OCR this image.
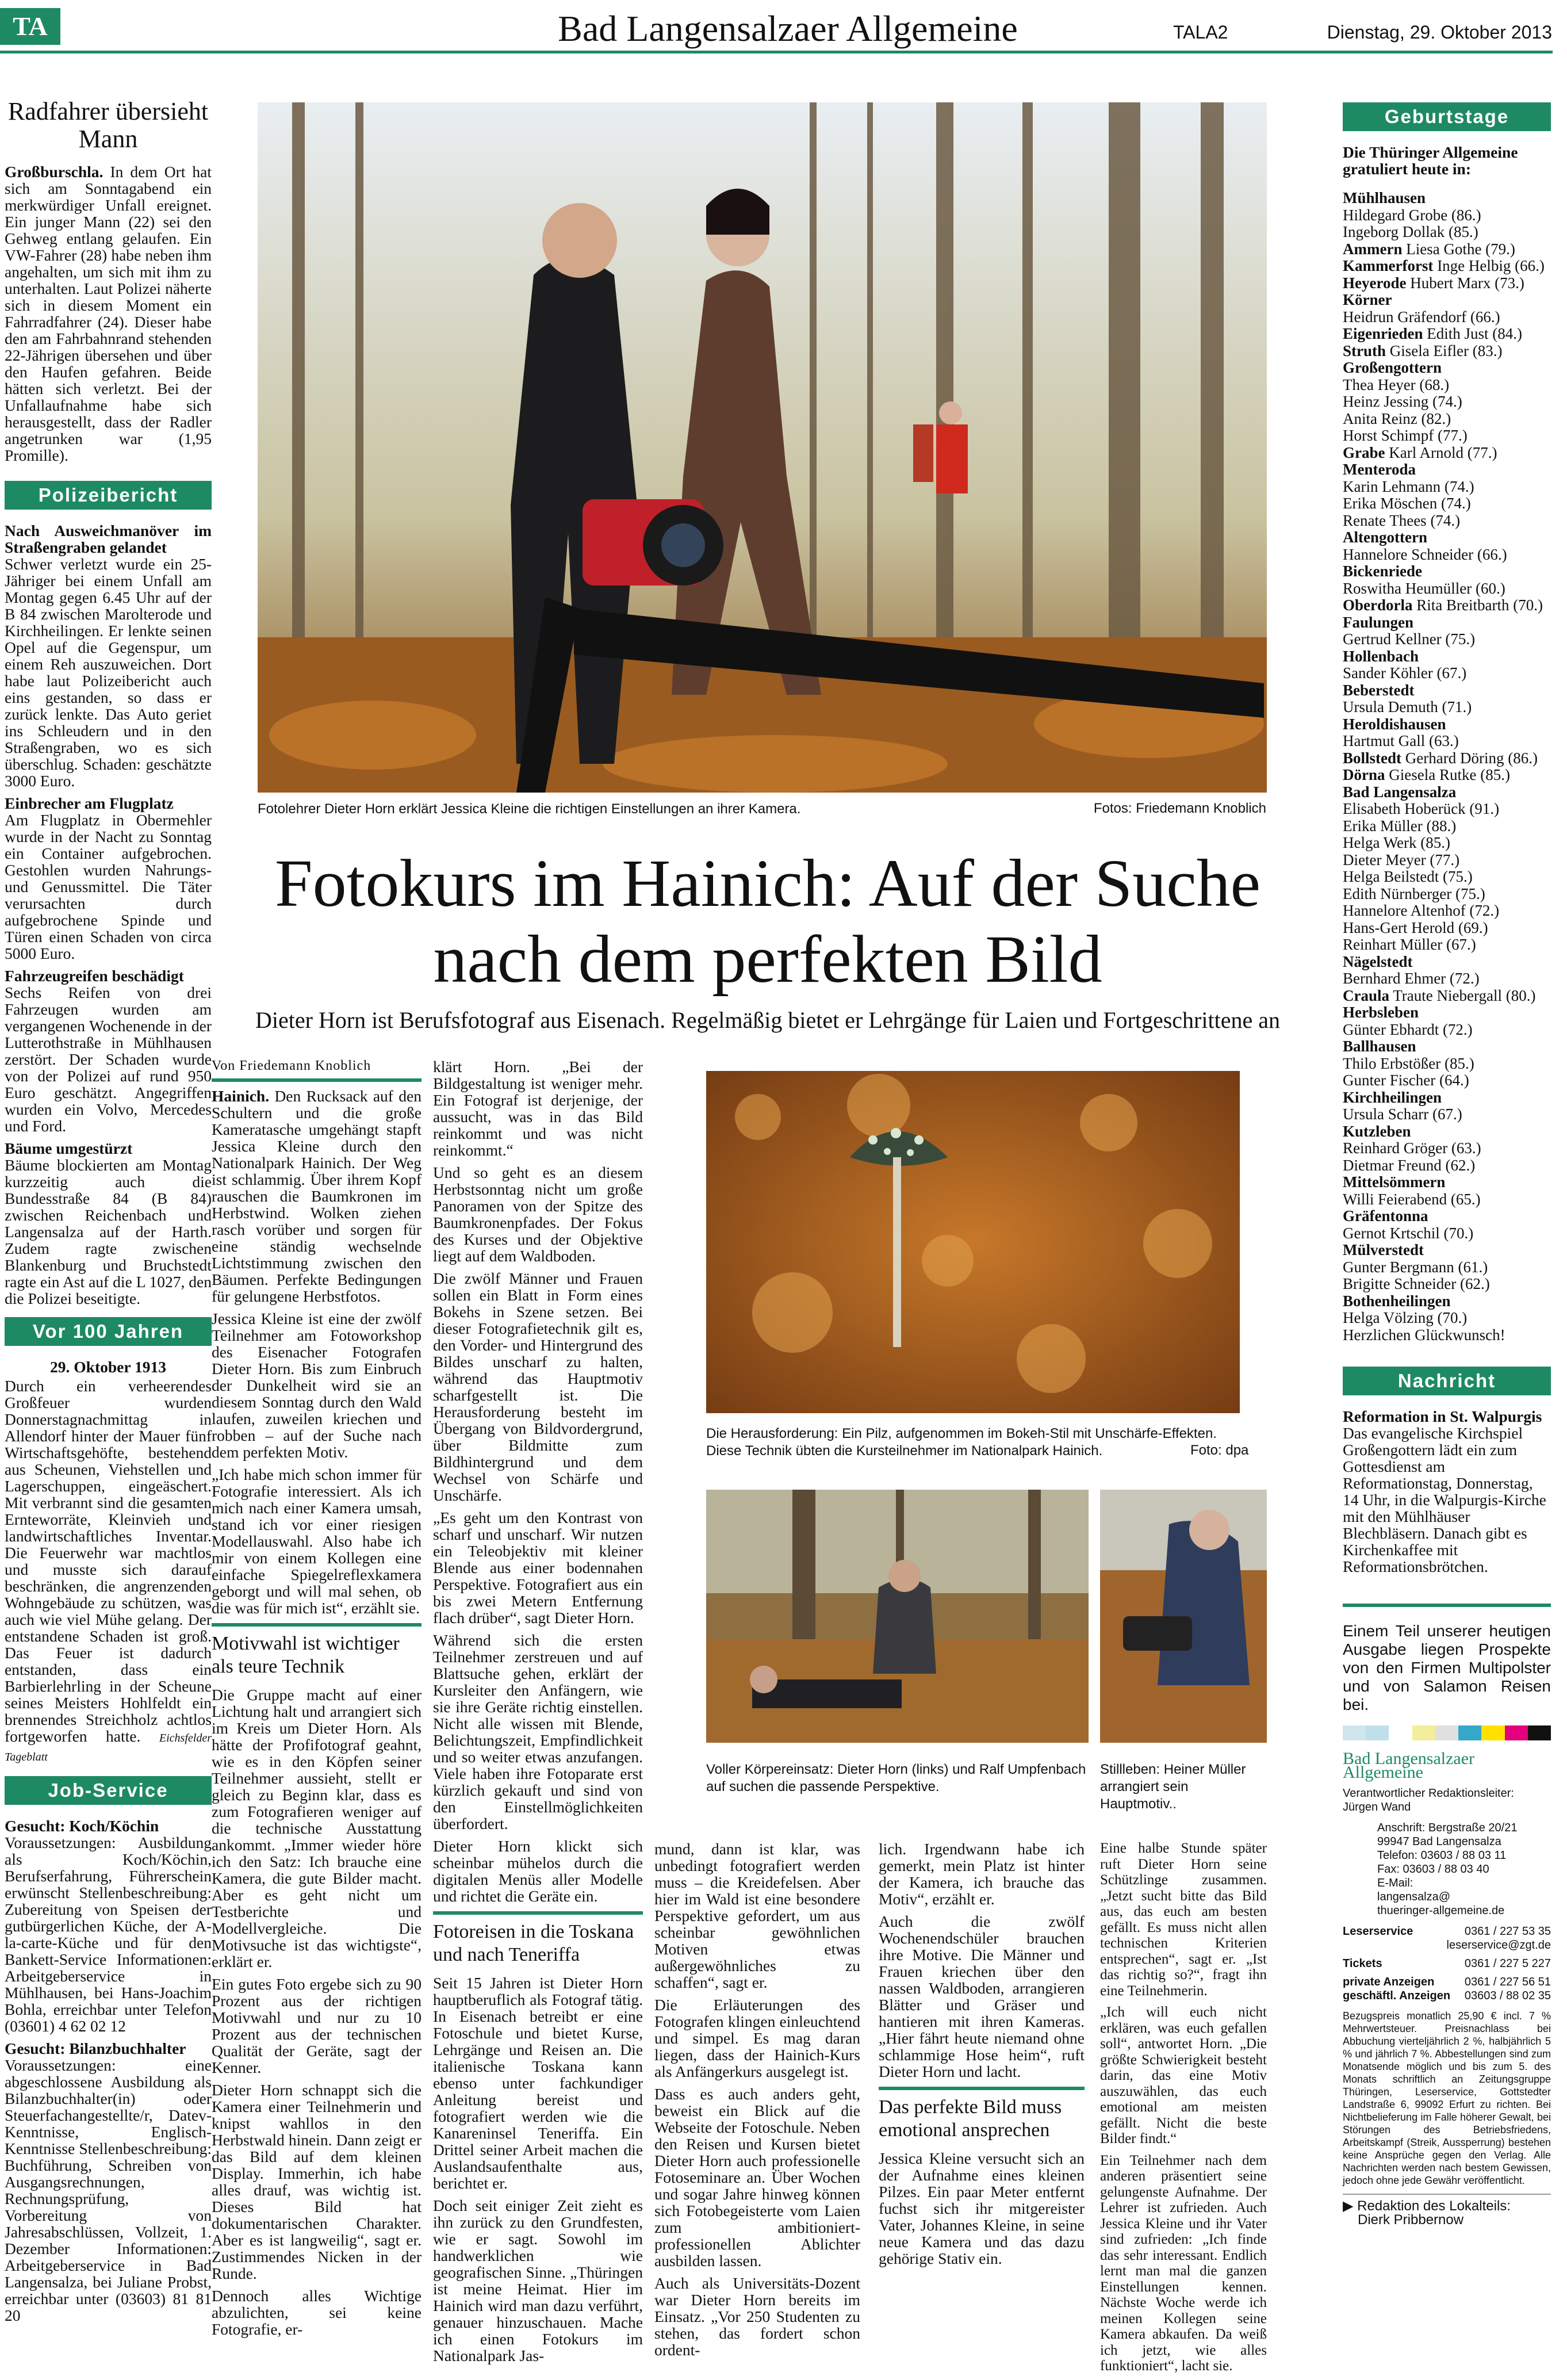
TA	Bad Langensalzaer Allgemeine	TALA2	Dienstag, 29. Oktober 2013
Radfahrer übersieht Mann
Großburschla. In dem Ort hat sich am Sonntagabend ein merkwürdiger Unfall ereignet. Ein junger Mann (22) sei den Gehweg entlang gelaufen. Ein VW-Fahrer (28) habe neben ihm angehalten, um sich mit ihm zu unterhalten. Laut Polizei näherte sich in diesem Moment ein Fahrradfahrer (24). Dieser habe den am Fahrbahnrand stehenden 22-Jährigen übersehen und über den Haufen gefahren. Beide hätten sich verletzt. Bei der Unfallaufnahme habe sich herausgestellt, dass der Radler angetrunken war (1,95 Promille).
Polizeibericht

Nach Ausweichmanöver im Straßengraben gelandet
Schwer verletzt wurde ein 25-Jähriger bei einem Unfall am Montag gegen 6.45 Uhr auf der B 84 zwischen Marolterode und Kirchheilingen. Er lenkte seinen Opel auf die Gegenspur, um einem Reh auszuweichen. Dort habe laut Polizeibericht auch eins gestanden, so dass er zurück lenkte. Das Auto geriet ins Schleudern und in den Straßengraben, wo es sich überschlug. Schaden: geschätzte 3000 Euro.

Einbrecher am Flugplatz
Am Flugplatz in Obermehler wurde in der Nacht zu Sonntag ein Container aufgebrochen. Gestohlen wurden Nahrungs- und Genussmittel. Die Täter verursachten durch aufgebrochene Spinde und Türen einen Schaden von circa 5000 Euro.

Fahrzeugreifen beschädigt
Sechs Reifen von drei Fahrzeugen wurden am vergangenen Wochenende in der Lutterothstraße in Mühlhausen zerstört. Der Schaden wurde von der Polizei auf rund 950 Euro geschätzt. Angegriffen wurden ein Volvo, Mercedes und Ford.

Bäume umgestürzt
Bäume blockierten am Montag kurzzeitig auch die Bundesstraße 84 (B 84) zwischen Reichenbach und Langensalza auf der Harth. Zudem ragte zwischen Blankenburg und Bruchstedt ragte ein Ast auf die L 1027, den die Polizei beseitigte.

Vor 100 Jahren

29. Oktober 1913

Durch ein verheerendes Großfeuer wurden Donnerstagnachmittag in Allendorf hinter der Mauer fünf Wirtschaftsgehöfte, bestehend aus Scheunen, Viehstellen und Lagerschuppen, eingeäschert. Mit verbrannt sind die gesamten Ernteworräte, Kleinvieh und landwirtschaftliches Inventar. Die Feuerwehr war machtlos und musste sich darauf beschränken, die angrenzenden Wohngebäude zu schützen, was auch wie viel Mühe gelang. Der entstandene Schaden ist groß. Das Feuer ist dadurch entstanden, dass ein Barbierlehrling in der Scheune seines Meisters Hohlfeldt ein brennendes Streichholz achtlos fortgeworfen hatte. Eichsfelder Tageblatt

Job-Service

Gesucht: Koch/Köchin
Voraussetzungen: Ausbildung als Koch/Köchin, Berufserfahrung, Führerschein erwünscht Stellenbeschreibung: Zubereitung von Speisen der gutbürgerlichen Küche, der A-la-carte-Küche und für den Bankett-Service Informationen: Arbeitgeberservice in Mühlhausen, bei Hans-Joachim Bohla, erreichbar unter Telefon (03601) 4 62 02 12

Gesucht: Bilanzbuchhalter
Voraussetzungen: eine abgeschlossene Ausbildung als Bilanzbuchhalter(in) oder Steuerfachangestellte/r, Datev-Kenntnisse, Englisch-Kenntnisse Stellenbeschreibung: Buchführung, Schreiben von Ausgangsrechnungen, Rechnungsprüfung, Vorbereitung von Jahresabschlüssen, Vollzeit, 1. Dezember Informationen: Arbeitgeberservice in Bad Langensalza, bei Juliane Probst, erreichbar unter (03603) 81 81 20

Fotolehrer Dieter Horn erklärt Jessica Kleine die richtigen Einstellungen an ihrer Kamera.	Fotos: Friedemann Knoblich
Fotokurs im Hainich: Auf der Suche nach dem perfekten Bild
Dieter Horn ist Berufsfotograf aus Eisenach. Regelmäßig bietet er Lehrgänge für Laien und Fortgeschrittene an
Von Friedemann Knoblich

Hainich. Den Rucksack auf den Schultern und die große Kameratasche umgehängt stapft Jessica Kleine durch den Nationalpark Hainich. Der Weg ist schlammig. Über ihrem Kopf rauschen die Baumkronen im Herbstwind. Wolken ziehen rasch vorüber und sorgen für eine ständig wechselnde Lichtstimmung zwischen den Bäumen. Perfekte Bedingungen für gelungene Herbstfotos.

Jessica Kleine ist eine der zwölf Teilnehmer am Fotoworkshop des Eisenacher Fotografen Dieter Horn. Bis zum Einbruch der Dunkelheit wird sie an diesem Sonntag durch den Wald laufen, zuweilen kriechen und robben – auf der Suche nach dem perfekten Motiv.

„Ich habe mich schon immer für Fotografie interessiert. Als ich mich nach einer Kamera umsah, stand ich vor einer riesigen Modellauswahl. Also habe ich mir von einem Kollegen eine einfache Spiegelreflexkamera geborgt und will mal sehen, ob die was für mich ist“, erzählt sie.

Motivwahl ist wichtiger als teure Technik

Die Gruppe macht auf einer Lichtung halt und arrangiert sich im Kreis um Dieter Horn. Als hätte der Profifotograf geahnt, wie es in den Köpfen seiner Teilnehmer aussieht, stellt er gleich zu Beginn klar, dass es zum Fotografieren weniger auf die technische Ausstattung ankommt. „Immer wieder höre ich den Satz: Ich brauche eine Kamera, die gute Bilder macht. Aber es geht nicht um Testberichte und Modellvergleiche. Die Motivsuche ist das wichtigste“, erklärt er.

Ein gutes Foto ergebe sich zu 90 Prozent aus der richtigen Motivwahl und nur zu 10 Prozent aus der technischen Qualität der Geräte, sagt der Kenner.

Dieter Horn schnappt sich die Kamera einer Teilnehmerin und knipst wahllos in den Herbstwald hinein. Dann zeigt er das Bild auf dem kleinen Display. Immerhin, ich habe alles drauf, was wichtig ist. Dieses Bild hat dokumentarischen Charakter. Aber es ist langweilig“, sagt er. Zustimmendes Nicken in der Runde.

Dennoch alles Wichtige abzulichten, sei keine Fotografie, er-

klärt Horn. „Bei der Bildgestaltung ist weniger mehr. Ein Fotograf ist derjenige, der aussucht, was in das Bild reinkommt und was nicht reinkommt.“

Und so geht es an diesem Herbstsonntag nicht um große Panoramen von der Spitze des Baumkronenpfades. Der Fokus des Kurses und der Objektive liegt auf dem Waldboden.

Die zwölf Männer und Frauen sollen ein Blatt in Form eines Bokehs in Szene setzen. Bei dieser Fotografietechnik gilt es, den Vorder- und Hintergrund des Bildes unscharf zu halten, während das Hauptmotiv scharfgestellt ist. Die Herausforderung besteht im Übergang von Bildvordergrund, über Bildmitte zum Bildhintergrund und dem Wechsel von Schärfe und Unschärfe.

„Es geht um den Kontrast von scharf und unscharf. Wir nutzen ein Teleobjektiv mit kleiner Blende aus einer bodennahen Perspektive. Fotografiert aus ein bis zwei Metern Entfernung flach drüber“, sagt Dieter Horn.

Während sich die ersten Teilnehmer zerstreuen und auf Blattsuche gehen, erklärt der Kursleiter den Anfängern, wie sie ihre Geräte richtig einstellen. Nicht alle wissen mit Blende, Belichtungszeit, Empfindlichkeit und so weiter etwas anzufangen. Viele haben ihre Fotoparate erst kürzlich gekauft und sind von den Einstellmöglichkeiten überfordert.

Dieter Horn klickt sich scheinbar mühelos durch die digitalen Menüs aller Modelle und richtet die Geräte ein.

Fotoreisen in die Toskana und nach Teneriffa

Seit 15 Jahren ist Dieter Horn hauptberuflich als Fotograf tätig. In Eisenach betreibt er eine Fotoschule und bietet Kurse, Lehrgänge und Reisen an. Die italienische Toskana kann ebenso unter fachkundiger Anleitung bereist und fotografiert werden wie die Kanareninsel Teneriffa. Ein Drittel seiner Arbeit machen die Auslandsaufenthalte aus, berichtet er.

Doch seit einiger Zeit zieht es ihn zurück zu den Grundfesten, wie er sagt. Sowohl im handwerklichen wie geografischen Sinne. „Thüringen ist meine Heimat. Hier im Hainich wird man dazu verführt, genauer hinzuschauen. Mache ich einen Fotokurs im Nationalpark Jas-

Die Herausforderung: Ein Pilz, aufgenommen im Bokeh-Stil mit Unschärfe-Effekten. Diese Technik übten die Kursteilnehmer im Nationalpark Hainich.	Foto: dpa
Voller Körpereinsatz: Dieter Horn (links) und Ralf Umpfenbach auf suchen die passende Perspektive.
Stillleben: Heiner Müller arrangiert sein Hauptmotiv..

mund, dann ist klar, was unbedingt fotografiert werden muss – die Kreidefelsen. Aber hier im Wald ist eine besondere Perspektive gefordert, um aus scheinbar gewöhnlichen Motiven etwas außergewöhnliches zu schaffen“, sagt er.

Die Erläuterungen des Fotografen klingen einleuchtend und simpel. Es mag daran liegen, dass der Hainich-Kurs als Anfängerkurs ausgelegt ist.

Dass es auch anders geht, beweist ein Blick auf die Webseite der Fotoschule. Neben den Reisen und Kursen bietet Dieter Horn auch professionelle Fotoseminare an. Über Wochen und sogar Jahre hinweg können sich Fotobegeisterte vom Laien zum ambitioniert-professionellen Ablichter ausbilden lassen.

Auch als Universitäts-Dozent war Dieter Horn bereits im Einsatz. „Vor 250 Studenten zu stehen, das fordert schon ordent-

lich. Irgendwann habe ich gemerkt, mein Platz ist hinter der Kamera, ich brauche das Motiv“, erzählt er.

Auch die zwölf Wochenendschüler brauchen ihre Motive. Die Männer und Frauen kriechen über den nassen Waldboden, arrangieren Blätter und Gräser und hantieren mit ihren Kameras. „Hier fährt heute niemand ohne schlammige Hose heim“, ruft Dieter Horn und lacht.

Das perfekte Bild muss emotional ansprechen

Jessica Kleine versucht sich an der Aufnahme eines kleinen Pilzes. Ein paar Meter entfernt fuchst sich ihr mitgereister Vater, Johannes Kleine, in seine neue Kamera und das dazu gehörige Stativ ein.

Eine halbe Stunde später ruft Dieter Horn seine Schützlinge zusammen. „Jetzt sucht bitte das Bild aus, das euch am besten gefällt. Es muss nicht allen technischen Kriterien entsprechen“, sagt er. „Ist das richtig so?“, fragt ihn eine Teilnehmerin.

„Ich will euch nicht erklären, was euch gefallen soll“, antwortet Horn. „Die größte Schwierigkeit besteht darin, das eine Motiv auszuwählen, das euch emotional am meisten gefällt. Nicht die beste Bilder findt.“

Ein Teilnehmer nach dem anderen präsentiert seine gelungenste Aufnahme. Der Lehrer ist zufrieden. Auch Jessica Kleine und ihr Vater sind zufrieden: „Ich finde das sehr interessant. Endlich lernt man mal die ganzen Einstellungen kennen. Nächste Woche werde ich meinen Kollegen seine Kamera abkaufen. Da weiß ich jetzt, wie alles funktioniert“, lacht sie.

Geburtstage
Die Thüringer Allgemeine gratuliert heute in:
Mühlhausen
Hildegard Grobe (86.)
Ingeborg Dollak (85.)
Ammern Liesa Gothe (79.)
Kammerforst Inge Helbig (66.)
Heyerode Hubert Marx (73.)
Körner
Heidrun Gräfendorf (66.)
Eigenrieden Edith Just (84.)
Struth Gisela Eifler (83.)
Großengottern
Thea Heyer (68.)
Heinz Jessing (74.)
Anita Reinz (82.)
Horst Schimpf (77.)
Grabe Karl Arnold (77.)
Menteroda
Karin Lehmann (74.)
Erika Möschen (74.)
Renate Thees (74.)
Altengottern
Hannelore Schneider (66.)
Bickenriede
Roswitha Heumüller (60.)
Oberdorla Rita Breitbarth (70.)
Faulungen
Gertrud Kellner (75.)
Hollenbach
Sander Köhler (67.)
Beberstedt
Ursula Demuth (71.)
Heroldishausen
Hartmut Gall (63.)
Bollstedt Gerhard Döring (86.)
Dörna Giesela Rutke (85.)
Bad Langensalza
Elisabeth Hoberück (91.)
Erika Müller (88.)
Helga Werk (85.)
Dieter Meyer (77.)
Helga Beilstedt (75.)
Edith Nürnberger (75.)
Hannelore Altenhof (72.)
Hans-Gert Herold (69.)
Reinhart Müller (67.)
Nägelstedt
Bernhard Ehmer (72.)
Craula Traute Niebergall (80.)
Herbsleben
Günter Ebhardt (72.)
Ballhausen
Thilo Erbstößer (85.)
Gunter Fischer (64.)
Kirchheilingen
Ursula Scharr (67.)
Kutzleben
Reinhard Gröger (63.)
Dietmar Freund (62.)
Mittelsömmern
Willi Feierabend (65.)
Gräfentonna
Gernot Krtschil (70.)
Mülverstedt
Gunter Bergmann (61.)
Brigitte Schneider (62.)
Bothenheilingen
Helga Völzing (70.)
Herzlichen Glückwunsch!
Nachricht
Reformation in St. Walpurgis
Das evangelische Kirchspiel Großengottern lädt ein zum Gottesdienst am Reformationstag, Donnerstag, 14 Uhr, in die Walpurgis-Kirche mit den Mühlhäuser Blechbläsern. Danach gibt es Kirchenkaffee mit Reformationsbrötchen.
Einem Teil unserer heutigen Ausgabe liegen Prospekte von den Firmen Multipolster und von Salamon Reisen bei.
Bad Langensalzaer Allgemeine
Verantwortlicher Redaktionsleiter:
Jürgen Wand
Anschrift: Bergstraße 20/21
99947 Bad Langensalza
Telefon: 03603 / 88 03 11
Fax: 03603 / 88 03 40
E-Mail:
langensalza@
thueringer-allgemeine.de
Leserservice	0361 / 227 53 35
leserservice@zgt.de
Tickets	0361 / 227 5 227
private Anzeigen	0361 / 227 56 51
geschäftl. Anzeigen 03603 / 88 02 35
Bezugspreis monatlich 25,90 € incl. 7 % Mehrwertsteuer. Preisnachlass bei Abbuchung vierteljährlich 2 %, halbjährlich 5 % und jährlich 7 %. Abbestellungen sind zum Monatsende möglich und bis zum 5. des Monats schriftlich an Zeitungsgruppe Thüringen, Leserservice, Gottstedter Landstraße 6, 99092 Erfurt zu richten. Bei Nichtbelieferung im Falle höherer Gewalt, bei Störungen des Betriebsfriedens, Arbeitskampf (Streik, Aussperrung) bestehen keine Ansprüche gegen den Verlag. Alle Nachrichten werden nach bestem Gewissen, jedoch ohne jede Gewähr veröffentlicht.
▶ Redaktion des Lokalteils:
Dierk Pribbernow
